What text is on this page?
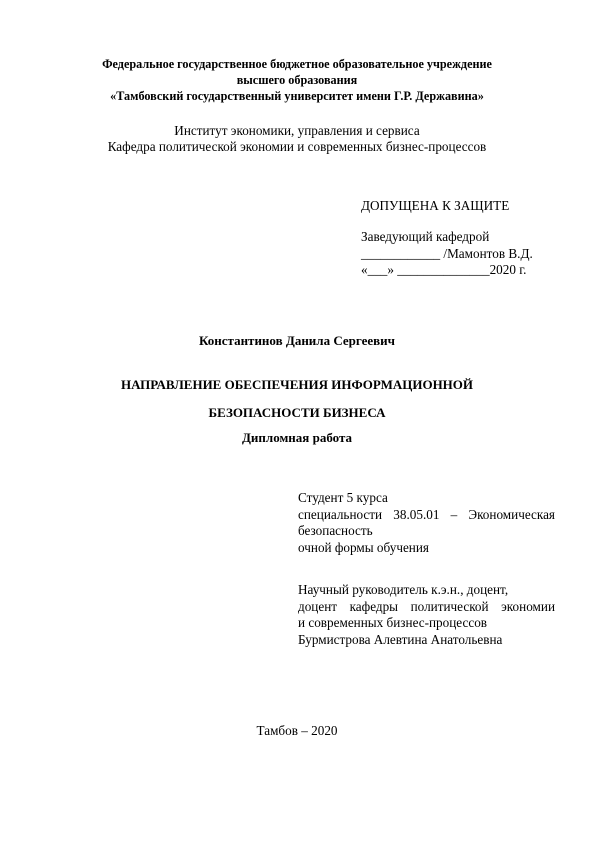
Федеральное государственное бюджетное образовательное учреждение
высшего образования
«Тамбовский государственный университет имени Г.Р. Державина»
Институт экономики, управления и сервиса
Кафедра политической экономии и современных бизнес-процессов
ДОПУЩЕНА К ЗАЩИТЕ
Заведующий кафедрой
____________ /Мамонтов В.Д.
«___» ______________2020 г.
Константинов Данила Сергеевич
НАПРАВЛЕНИЕ ОБЕСПЕЧЕНИЯ ИНФОРМАЦИОННОЙ
БЕЗОПАСНОСТИ БИЗНЕСА
Дипломная работа
Студент 5 курса
специальности 38.05.01 – Экономическая
безопасность
очной формы обучения
Научный руководитель к.э.н., доцент,
доцент кафедры политической экономии
и современных бизнес-процессов
Бурмистрова Алевтина Анатольевна
Тамбов – 2020
